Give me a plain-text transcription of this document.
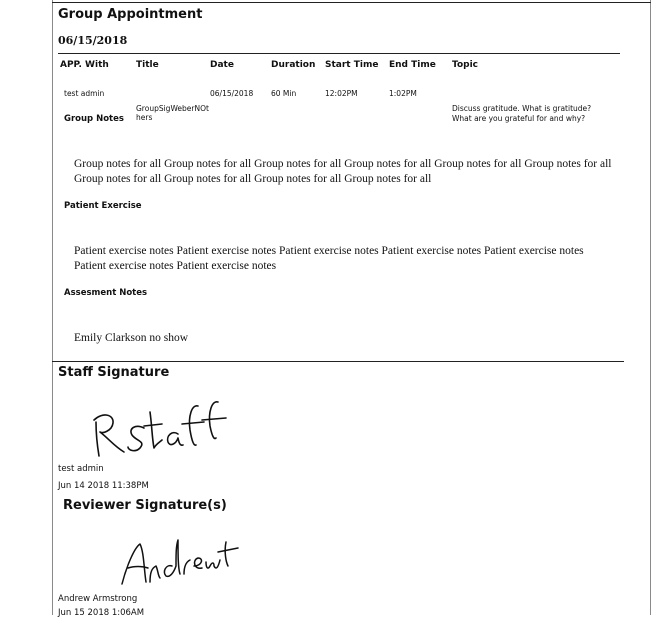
Group Appointment
06/15/2018
APP. With	Title	Date	Duration	Start Time	End Time	Topic
test admin	GroupSigWeberNOthers	06/15/2018	60 Min	12:02PM	1:02PM	Discuss gratitude. What is gratitude? What are you grateful for and why?
Group Notes
Group notes for all Group notes for all Group notes for all Group notes for all Group notes for all Group notes for all Group notes for all Group notes for all Group notes for all Group notes for all
Patient Exercise
Patient exercise notes Patient exercise notes Patient exercise notes Patient exercise notes Patient exercise notes Patient exercise notes Patient exercise notes
Assesment Notes
Emily Clarkson no show
Staff Signature
test admin
Jun 14 2018 11:38PM
Reviewer Signature(s)
Andrew Armstrong
Jun 15 2018 1:06AM
